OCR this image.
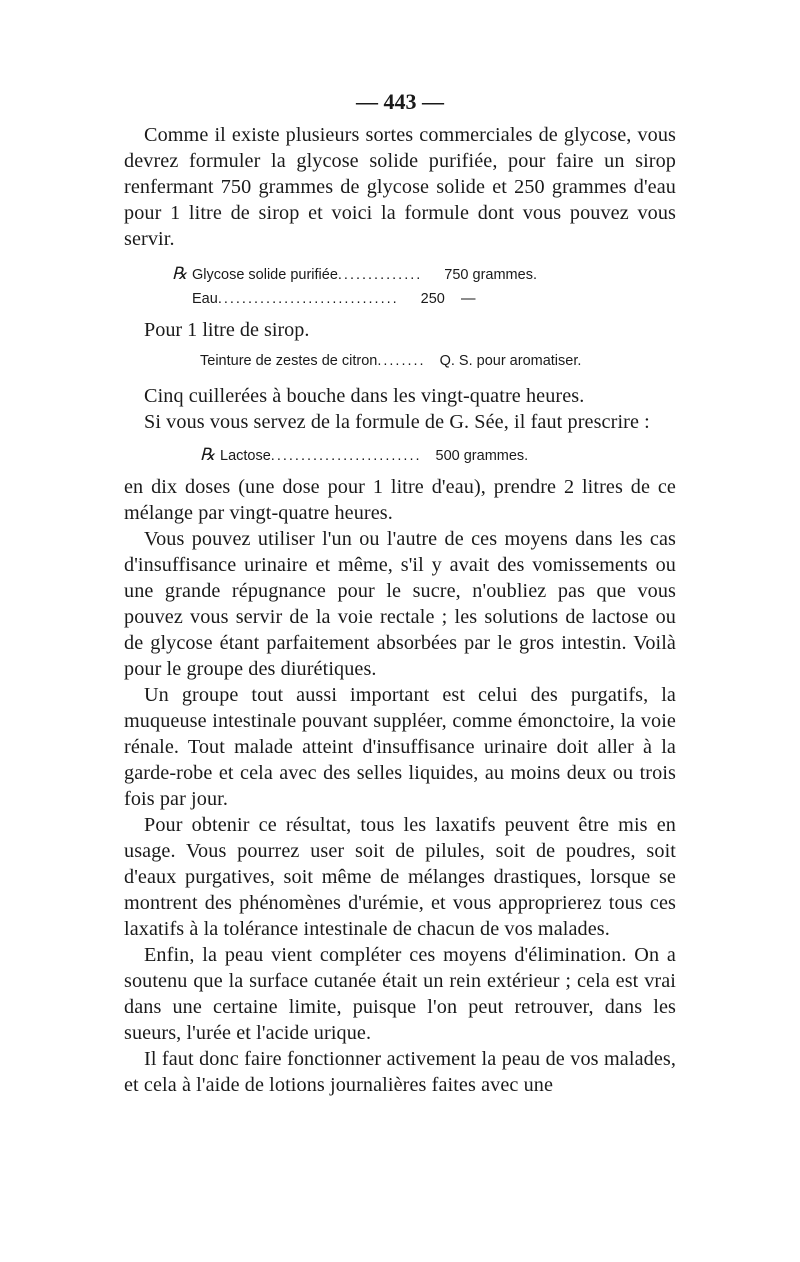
— 443 —

Comme il existe plusieurs sortes commerciales de glycose, vous devrez formuler la glycose solide purifiée, pour faire un sirop renfermant 750 grammes de glycose solide et 250 grammes d'eau pour 1 litre de sirop et voici la formule dont vous pouvez vous servir.

℞ Glycose solide purifiée ..............	750 grammes.
Eau ..............................	250    —

Pour 1 litre de sirop.

Teinture de zestes de citron ........ Q. S. pour aromatiser.

Cinq cuillerées à bouche dans les vingt-quatre heures.

Si vous vous servez de la formule de G. Sée, il faut prescrire :

℞ Lactose ......................... 500 grammes.

en dix doses (une dose pour 1 litre d'eau), prendre 2 litres de ce mélange par vingt-quatre heures.

Vous pouvez utiliser l'un ou l'autre de ces moyens dans les cas d'insuffisance urinaire et même, s'il y avait des vomissements ou une grande répugnance pour le sucre, n'oubliez pas que vous pouvez vous servir de la voie rectale ; les solutions de lactose ou de glycose étant parfaitement absorbées par le gros intestin. Voilà pour le groupe des diurétiques.

Un groupe tout aussi important est celui des purgatifs, la muqueuse intestinale pouvant suppléer, comme émonctoire, la voie rénale. Tout malade atteint d'insuffisance urinaire doit aller à la garde-robe et cela avec des selles liquides, au moins deux ou trois fois par jour.

Pour obtenir ce résultat, tous les laxatifs peuvent être mis en usage. Vous pourrez user soit de pilules, soit de poudres, soit d'eaux purgatives, soit même de mélanges drastiques, lorsque se montrent des phénomènes d'urémie, et vous approprierez tous ces laxatifs à la tolérance intestinale de chacun de vos malades.

Enfin, la peau vient compléter ces moyens d'élimination. On a soutenu que la surface cutanée était un rein extérieur ; cela est vrai dans une certaine limite, puisque l'on peut retrouver, dans les sueurs, l'urée et l'acide urique.

Il faut donc faire fonctionner activement la peau de vos malades, et cela à l'aide de lotions journalières faites avec une
